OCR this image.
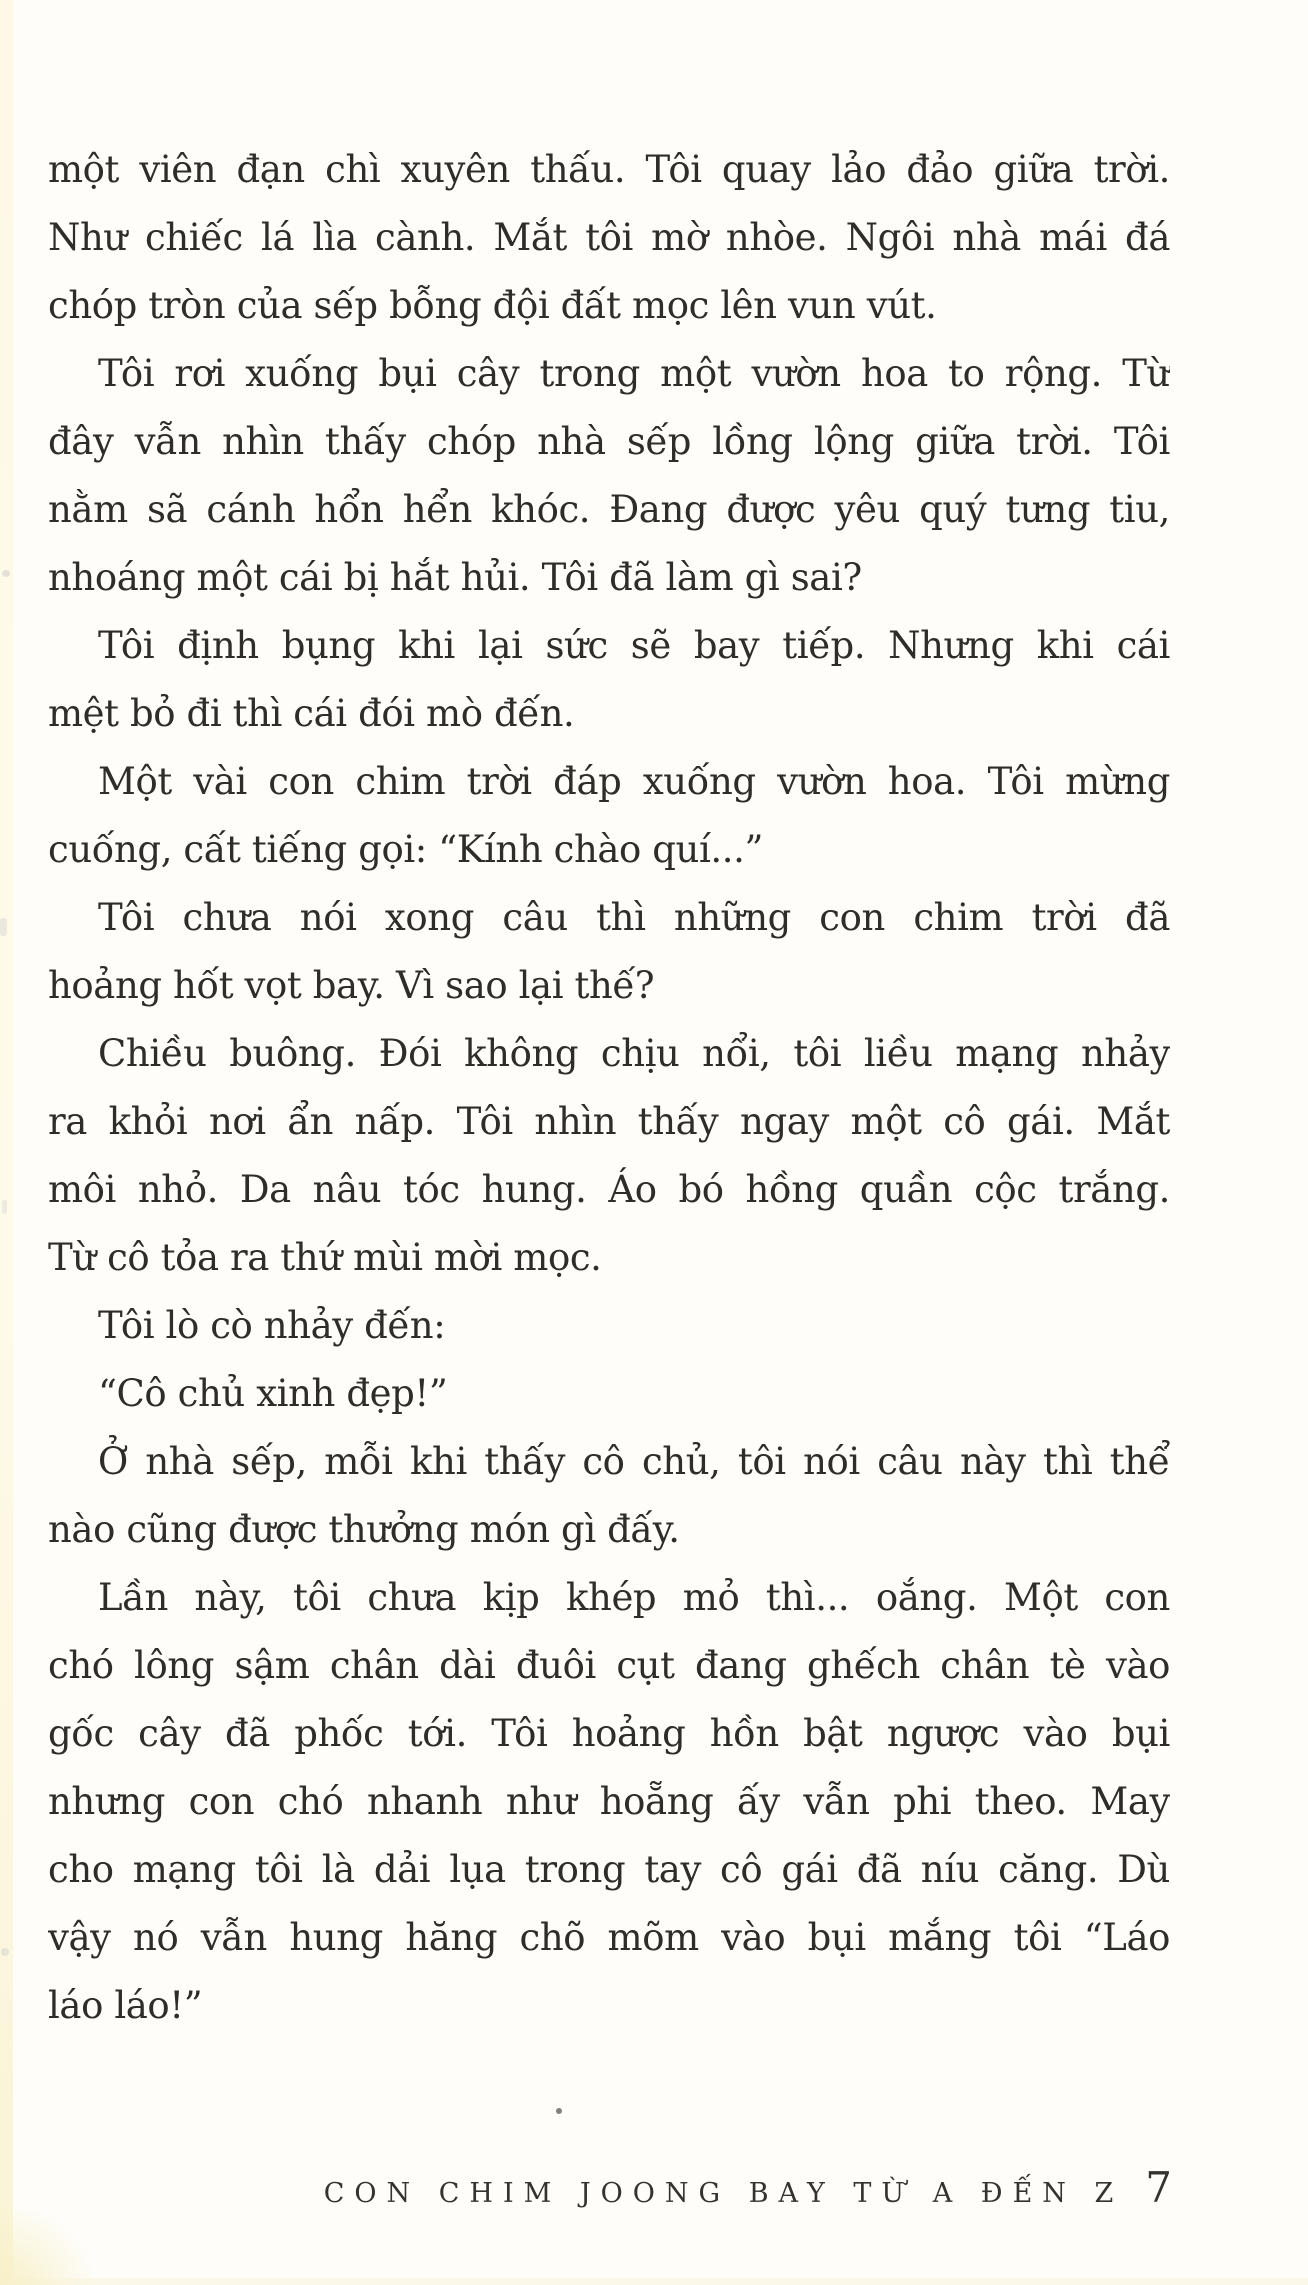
một viên đạn chì xuyên thấu. Tôi quay lảo đảo giữa trời.
Như chiếc lá lìa cành. Mắt tôi mờ nhòe. Ngôi nhà mái đá
chóp tròn của sếp bỗng đội đất mọc lên vun vút.
Tôi rơi xuống bụi cây trong một vườn hoa to rộng. Từ
đây vẫn nhìn thấy chóp nhà sếp lồng lộng giữa trời. Tôi
nằm sã cánh hổn hển khóc. Đang được yêu quý tưng tiu,
nhoáng một cái bị hắt hủi. Tôi đã làm gì sai?
Tôi định bụng khi lại sức sẽ bay tiếp. Nhưng khi cái
mệt bỏ đi thì cái đói mò đến.
Một vài con chim trời đáp xuống vườn hoa. Tôi mừng
cuống, cất tiếng gọi: “Kính chào quí...”
Tôi chưa nói xong câu thì những con chim trời đã
hoảng hốt vọt bay. Vì sao lại thế?
Chiều buông. Đói không chịu nổi, tôi liều mạng nhảy
ra khỏi nơi ẩn nấp. Tôi nhìn thấy ngay một cô gái. Mắt
môi nhỏ. Da nâu tóc hung. Áo bó hồng quần cộc trắng.
Từ cô tỏa ra thứ mùi mời mọc.
Tôi lò cò nhảy đến:
“Cô chủ xinh đẹp!”
Ở nhà sếp, mỗi khi thấy cô chủ, tôi nói câu này thì thể
nào cũng được thưởng món gì đấy.
Lần này, tôi chưa kịp khép mỏ thì... oắng. Một con
chó lông sậm chân dài đuôi cụt đang ghếch chân tè vào
gốc cây đã phốc tới. Tôi hoảng hồn bật ngược vào bụi
nhưng con chó nhanh như hoẵng ấy vẫn phi theo. May
cho mạng tôi là dải lụa trong tay cô gái đã níu căng. Dù
vậy nó vẫn hung hăng chõ mõm vào bụi mắng tôi “Láo
láo láo!”
CON CHIM JOONG BAY TỪ A ĐẾN Z 7
